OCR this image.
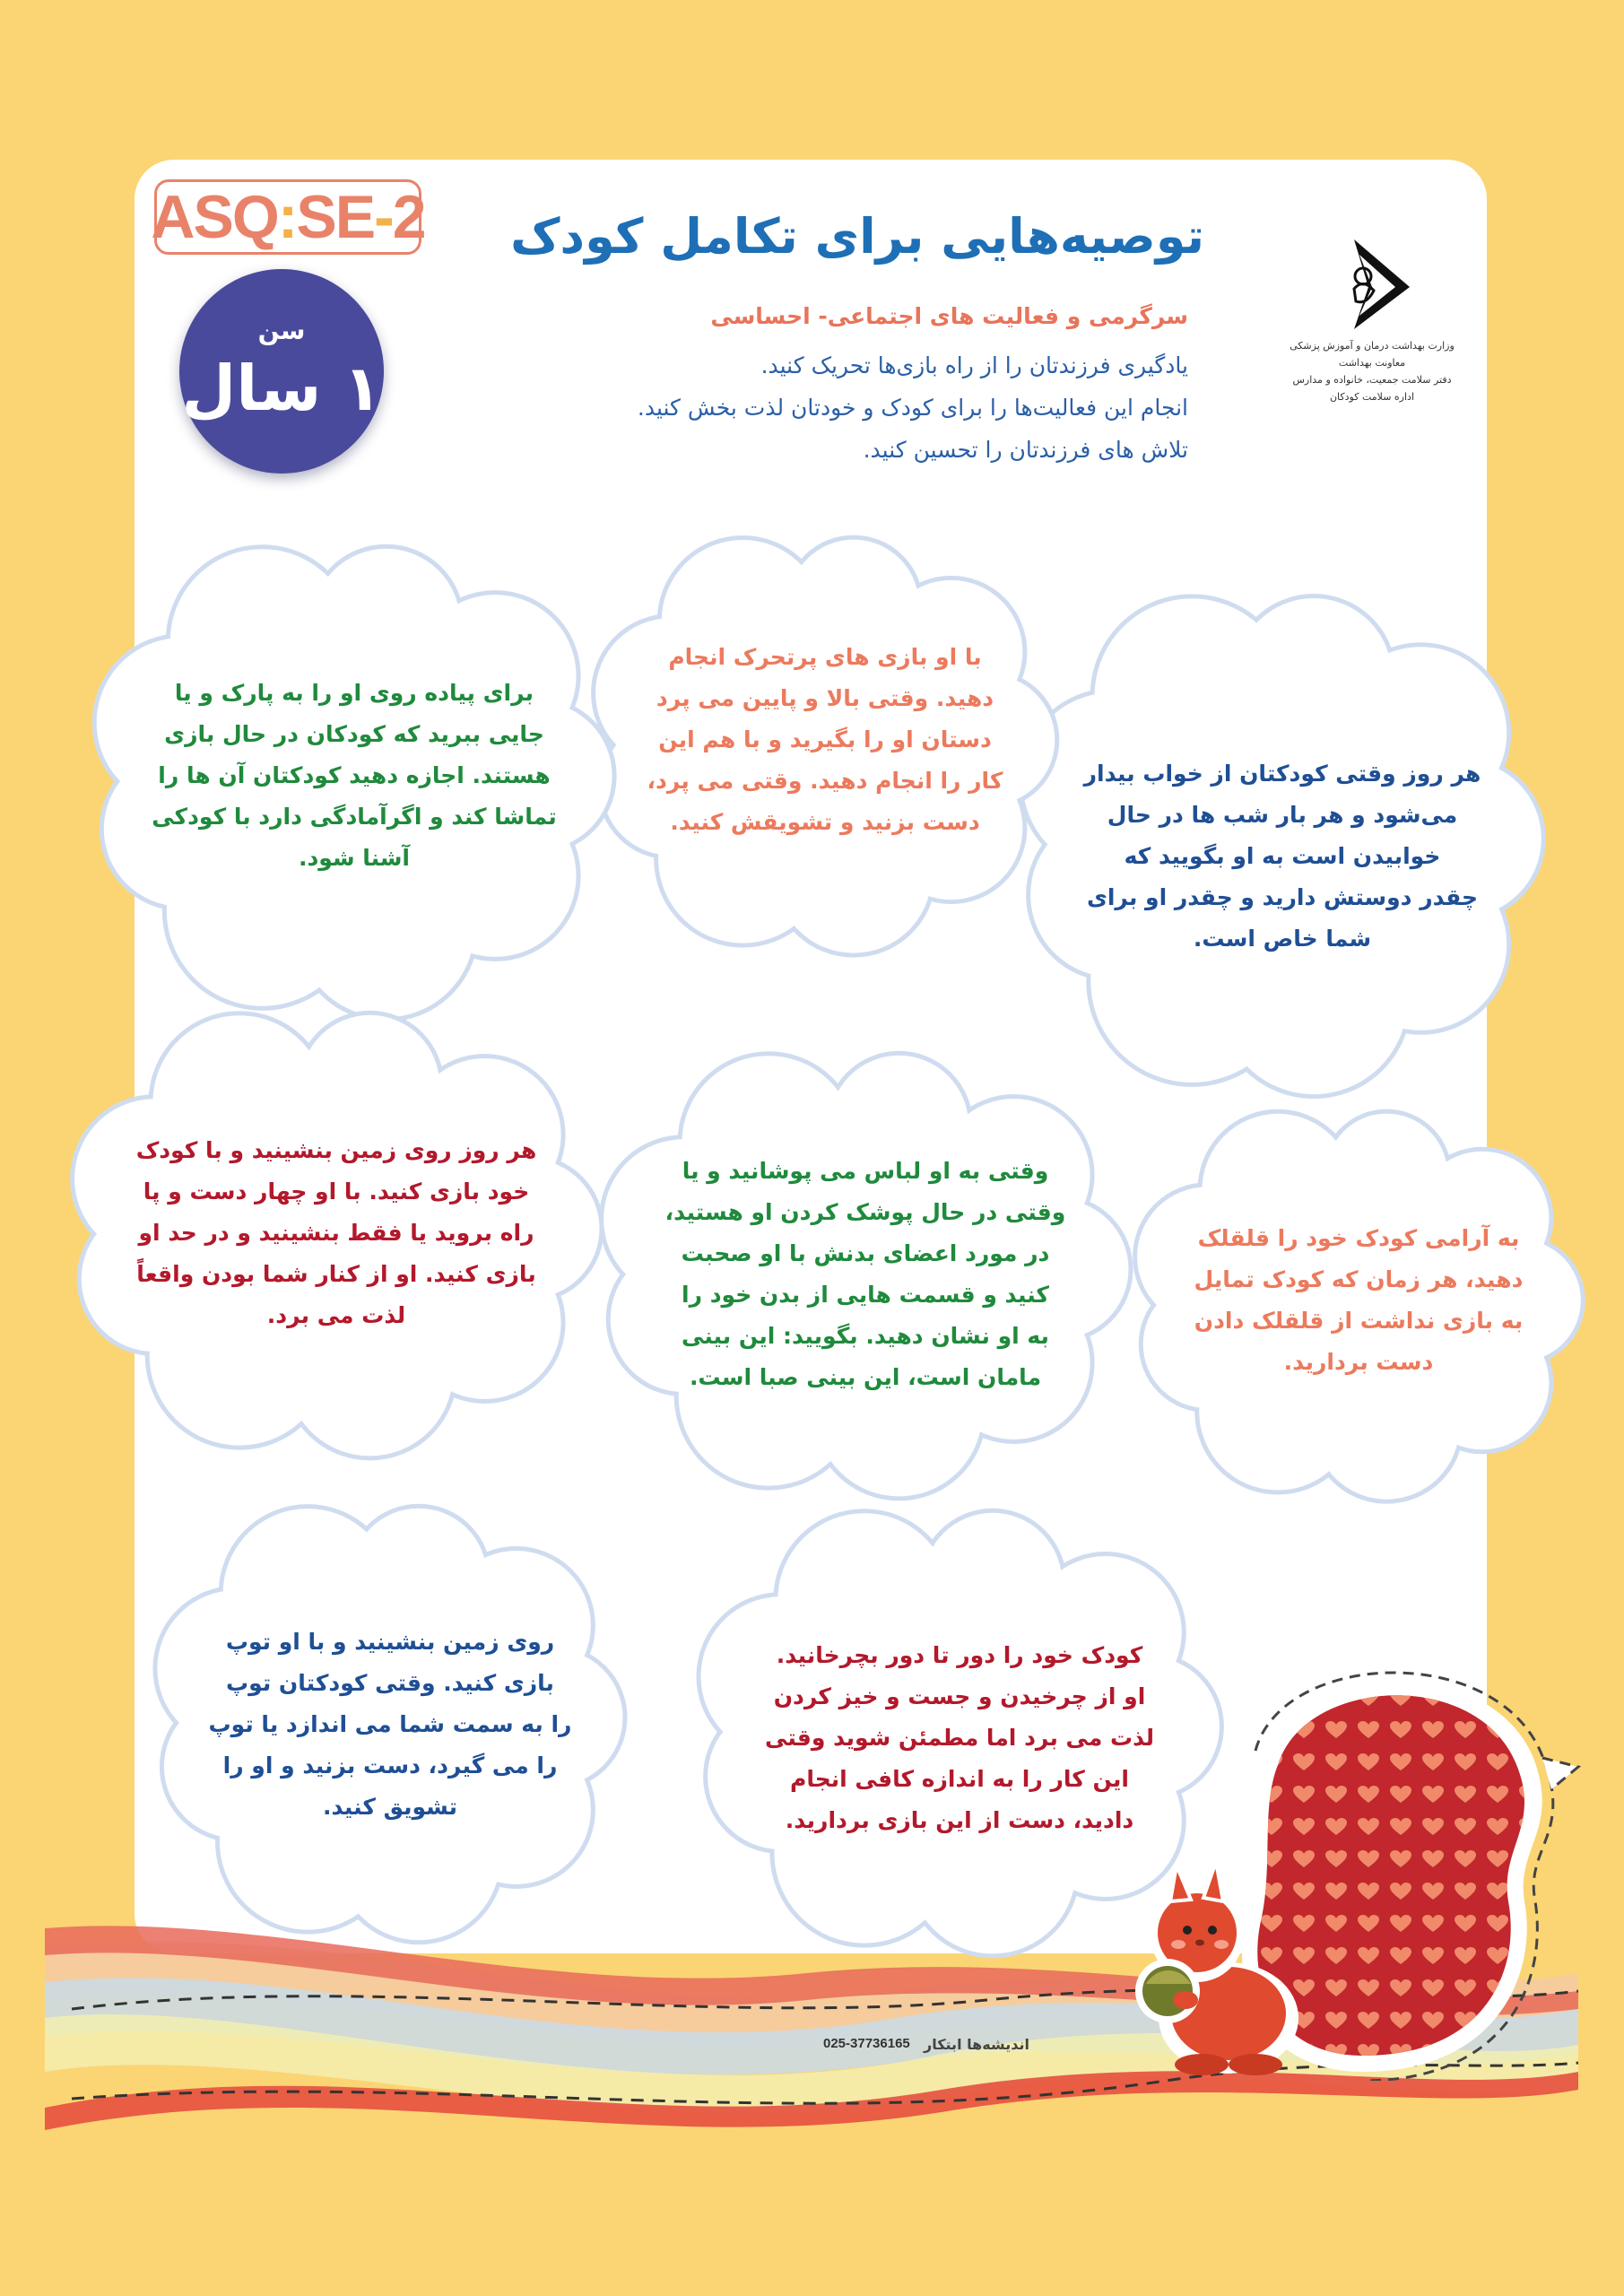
ASQ : SE - 2
سن
۱ سال
توصیه‌هایی برای تکامل کودک
سرگرمی و فعالیت های اجتماعی- احساسی
یادگیری فرزندتان را از راه بازی‌ها تحریک کنید.
انجام این فعالیت‌ها را برای کودک و خودتان لذت بخش کنید.
تلاش های فرزندتان را تحسین کنید.
وزارت بهداشت درمان و آموزش پزشکی
معاونت بهداشت
دفتر سلامت جمعیت، خانواده و مدارس
اداره سلامت کودکان
هر روز وقتی کودکتان از خواب بیدار
می‌شود و هر بار شب ها در حال
خوابیدن است به او بگویید که
چقدر دوستش دارید و چقدر او برای
شما خاص است.
با او بازی های پرتحرک انجام
دهید. وقتی بالا و پایین می پرد
دستان او را بگیرید و با هم این
کار را انجام دهید. وقتی می پرد،
دست بزنید و تشویقش کنید.
برای پیاده روی او را به پارک و یا
جایی ببرید که کودکان در حال بازی
هستند. اجازه دهید کودکتان آن ها را
تماشا کند و اگرآمادگی دارد با کودکی
آشنا شود.
به آرامی کودک خود را قلقلک
دهید، هر زمان که کودک تمایل
به بازی نداشت از قلقلک دادن
دست بردارید.
وقتی به او لباس می پوشانید و یا
وقتی در حال پوشک کردن او هستید،
در مورد اعضای بدنش با او صحبت
کنید و قسمت هایی از بدن خود را
به او نشان دهید. بگویید: این بینی
مامان است، این بینی صبا است.
هر روز روی زمین بنشینید و با کودک
خود بازی کنید. با او چهار دست و پا
راه بروید یا فقط بنشینید و در حد او
بازی کنید. او از کنار شما بودن واقعاً
لذت می برد.
کودک خود را دور تا دور بچرخانید.
او از چرخیدن و جست و خیز کردن
لذت می برد اما مطمئن شوید وقتی
این کار را به اندازه کافی انجام
دادید، دست از این بازی بردارید.
روی زمین بنشینید و با او توپ
بازی کنید. وقتی کودکتان توپ
را به سمت شما می اندازد یا توپ
را می گیرد، دست بزنید و او را
تشویق کنید.
025-37736165 اندیشه‌ها ابتکار
